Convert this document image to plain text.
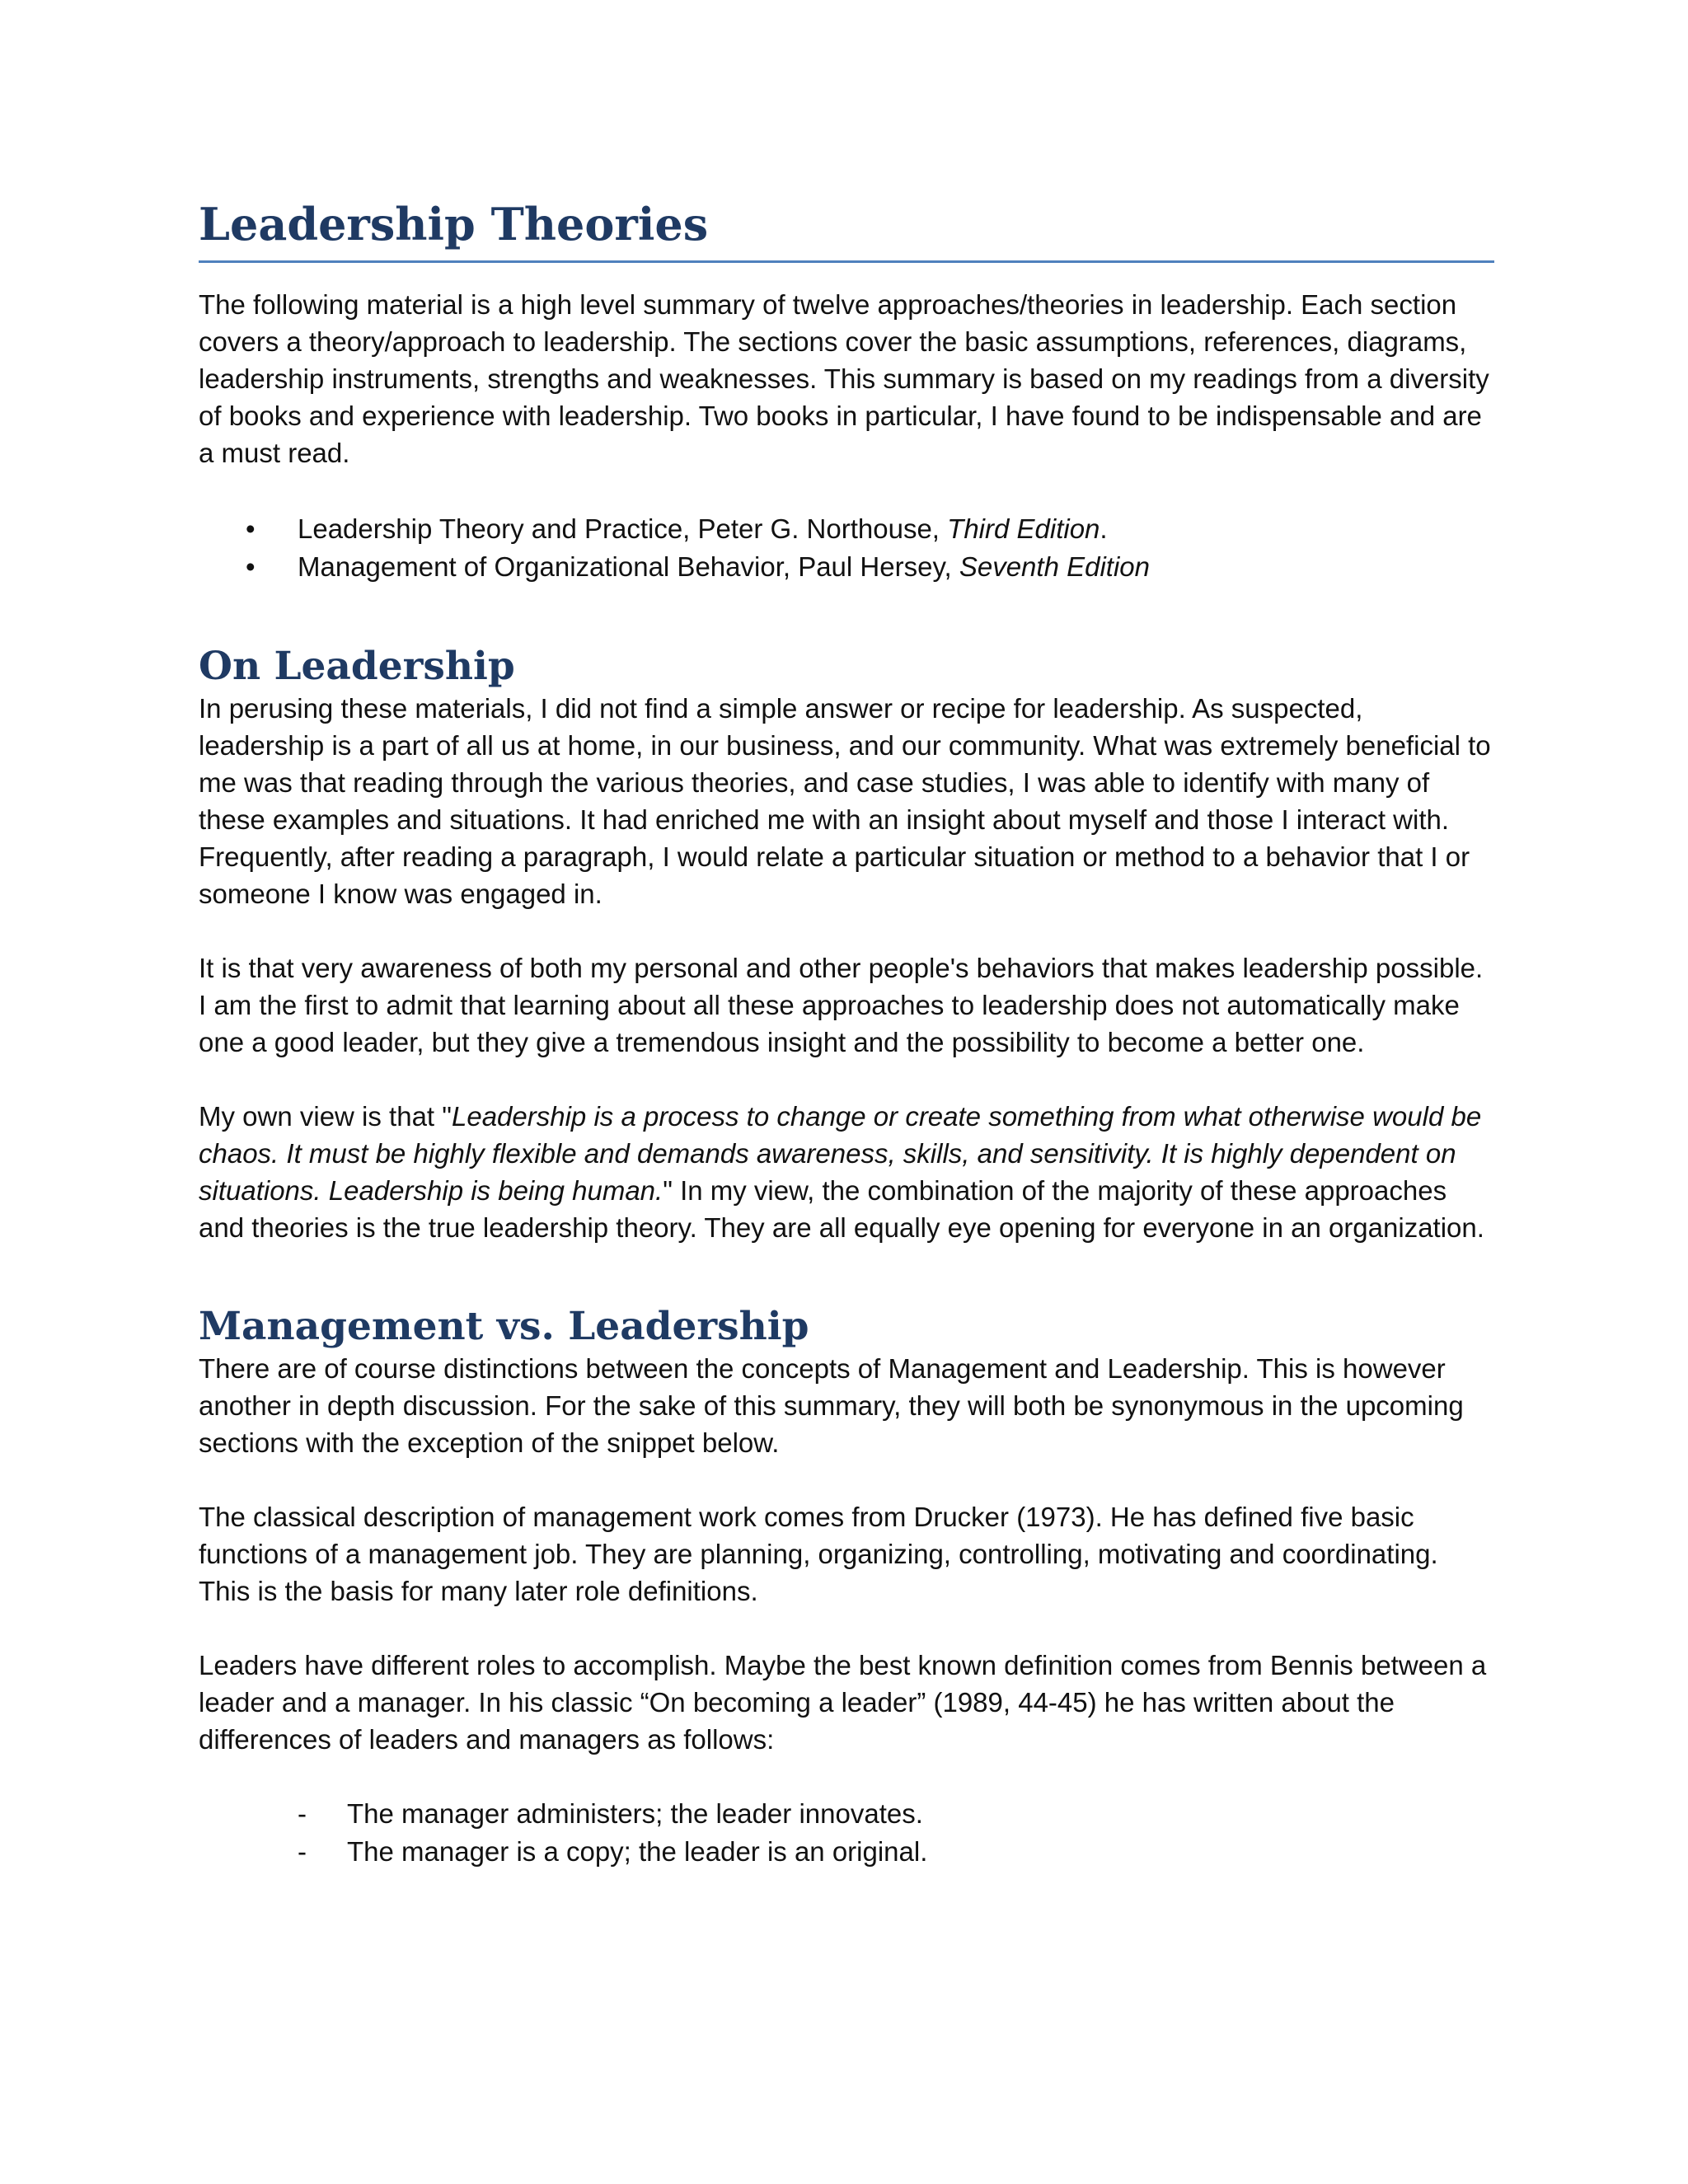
Leadership Theories

The following material is a high level summary of twelve approaches/theories in leadership. Each section covers a theory/approach to leadership. The sections cover the basic assumptions, references, diagrams, leadership instruments, strengths and weaknesses. This summary is based on my readings from a diversity of books and experience with leadership. Two books in particular, I have found to be indispensable and are a must read.

• Leadership Theory and Practice, Peter G. Northouse, Third Edition.
• Management of Organizational Behavior, Paul Hersey, Seventh Edition
On Leadership

In perusing these materials, I did not find a simple answer or recipe for leadership. As suspected, leadership is a part of all us at home, in our business, and our community. What was extremely beneficial to me was that reading through the various theories, and case studies, I was able to identify with many of these examples and situations. It had enriched me with an insight about myself and those I interact with. Frequently, after reading a paragraph, I would relate a particular situation or method to a behavior that I or someone I know was engaged in.

It is that very awareness of both my personal and other people's behaviors that makes leadership possible. I am the first to admit that learning about all these approaches to leadership does not automatically make one a good leader, but they give a tremendous insight and the possibility to become a better one.

My own view is that "Leadership is a process to change or create something from what otherwise would be chaos. It must be highly flexible and demands awareness, skills, and sensitivity. It is highly dependent on situations. Leadership is being human." In my view, the combination of the majority of these approaches and theories is the true leadership theory. They are all equally eye opening for everyone in an organization.

Management vs. Leadership

There are of course distinctions between the concepts of Management and Leadership. This is however another in depth discussion. For the sake of this summary, they will both be synonymous in the upcoming sections with the exception of the snippet below.

The classical description of management work comes from Drucker (1973). He has defined five basic functions of a management job. They are planning, organizing, controlling, motivating and coordinating. This is the basis for many later role definitions.

Leaders have different roles to accomplish. Maybe the best known definition comes from Bennis between a leader and a manager. In his classic “On becoming a leader” (1989, 44-45) he has written about the differences of leaders and managers as follows:

- The manager administers; the leader innovates.
- The manager is a copy; the leader is an original.
